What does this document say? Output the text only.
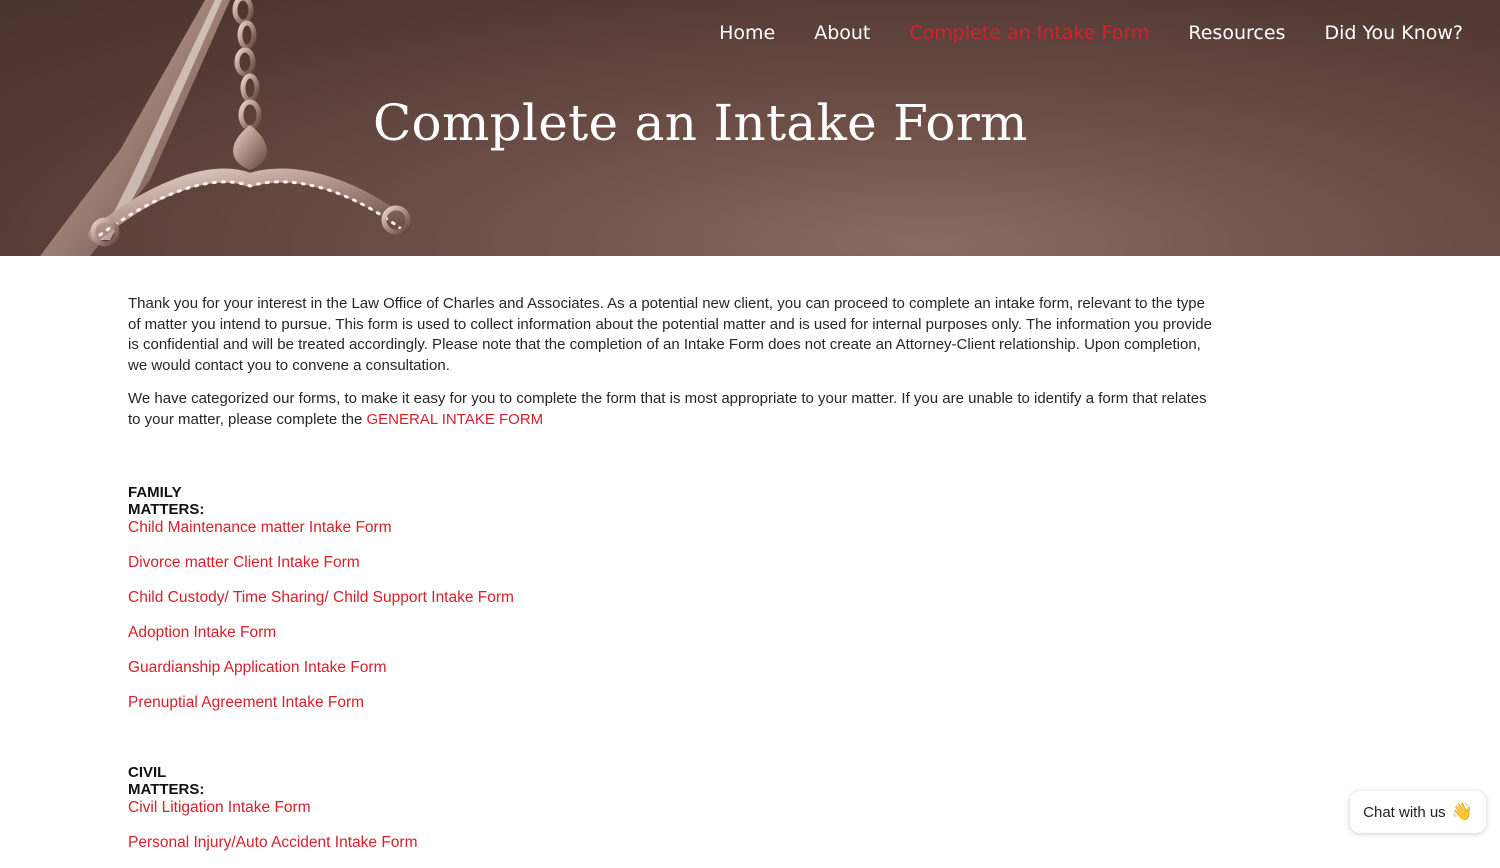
Home About Complete an Intake Form Resources Did You Know?
Complete an Intake Form

Thank you for your interest in the Law Office of Charles and Associates. As a potential new client, you can proceed to complete an intake form, relevant to the type of matter you intend to pursue. This form is used to collect information about the potential matter and is used for internal purposes only. The information you provide is confidential and will be treated accordingly. Please note that the completion of an Intake Form does not create an Attorney-Client relationship. Upon completion, we would contact you to convene a consultation.

We have categorized our forms, to make it easy for you to complete the form that is most appropriate to your matter. If you are unable to identify a form that relates to your matter, please complete the GENERAL INTAKE FORM

FAMILY MATTERS:
Child Maintenance matter Intake Form
Divorce matter Client Intake Form
Child Custody/ Time Sharing/ Child Support Intake Form
Adoption Intake Form
Guardianship Application Intake Form
Prenuptial Agreement Intake Form
CIVIL MATTERS:
Civil Litigation Intake Form
Personal Injury/Auto Accident Intake Form
Chat with us 👋
